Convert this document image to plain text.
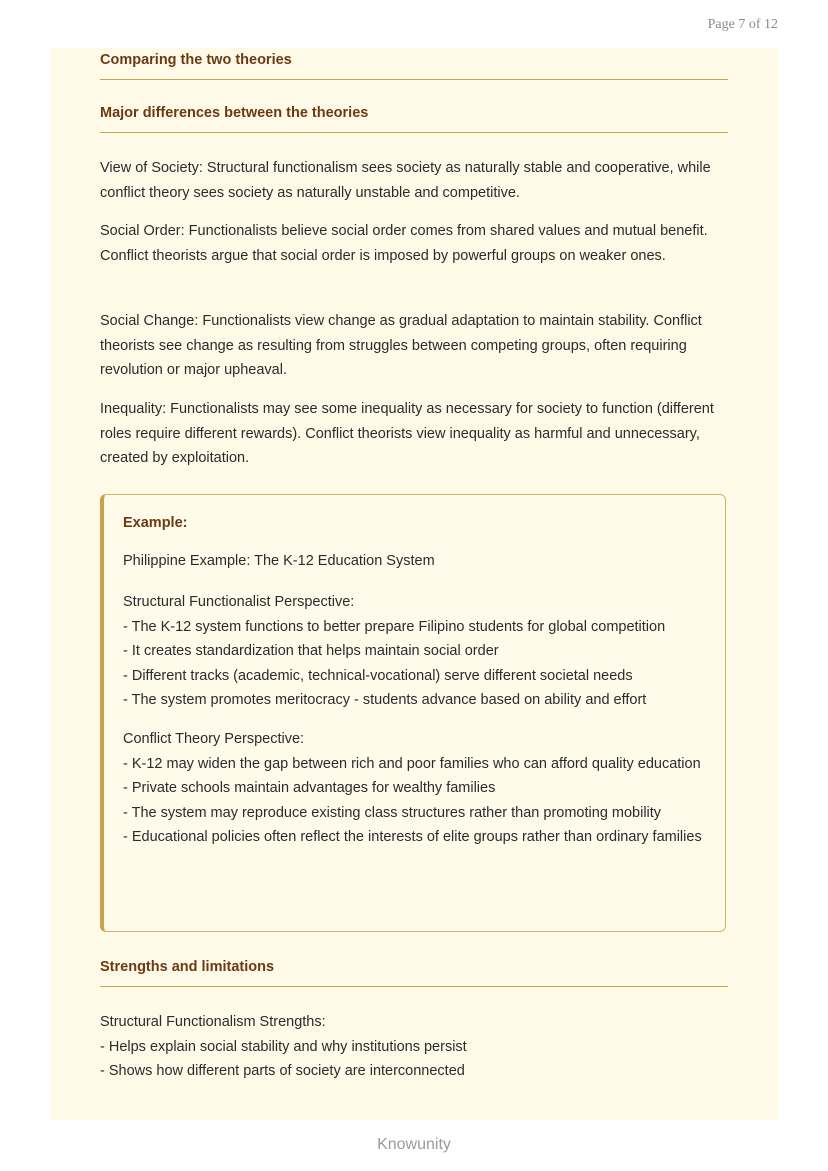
Page 7 of 12
Comparing the two theories
Major differences between the theories

View of Society: Structural functionalism sees society as naturally stable and cooperative, while conflict theory sees society as naturally unstable and competitive.

Social Order: Functionalists believe social order comes from shared values and mutual benefit. Conflict theorists argue that social order is imposed by powerful groups on weaker ones.

Social Change: Functionalists view change as gradual adaptation to maintain stability. Conflict theorists see change as resulting from struggles between competing groups, often requiring revolution or major upheaval.

Inequality: Functionalists may see some inequality as necessary for society to function (different roles require different rewards). Conflict theorists view inequality as harmful and unnecessary, created by exploitation.

Example:

Philippine Example: The K-12 Education System

Structural Functionalist Perspective:
- The K-12 system functions to better prepare Filipino students for global competition
- It creates standardization that helps maintain social order
- Different tracks (academic, technical-vocational) serve different societal needs
- The system promotes meritocracy - students advance based on ability and effort

Conflict Theory Perspective:
- K-12 may widen the gap between rich and poor families who can afford quality education
- Private schools maintain advantages for wealthy families
- The system may reproduce existing class structures rather than promoting mobility
- Educational policies often reflect the interests of elite groups rather than ordinary families

Strengths and limitations

Structural Functionalism Strengths:
- Helps explain social stability and why institutions persist
- Shows how different parts of society are interconnected

Knowunity
